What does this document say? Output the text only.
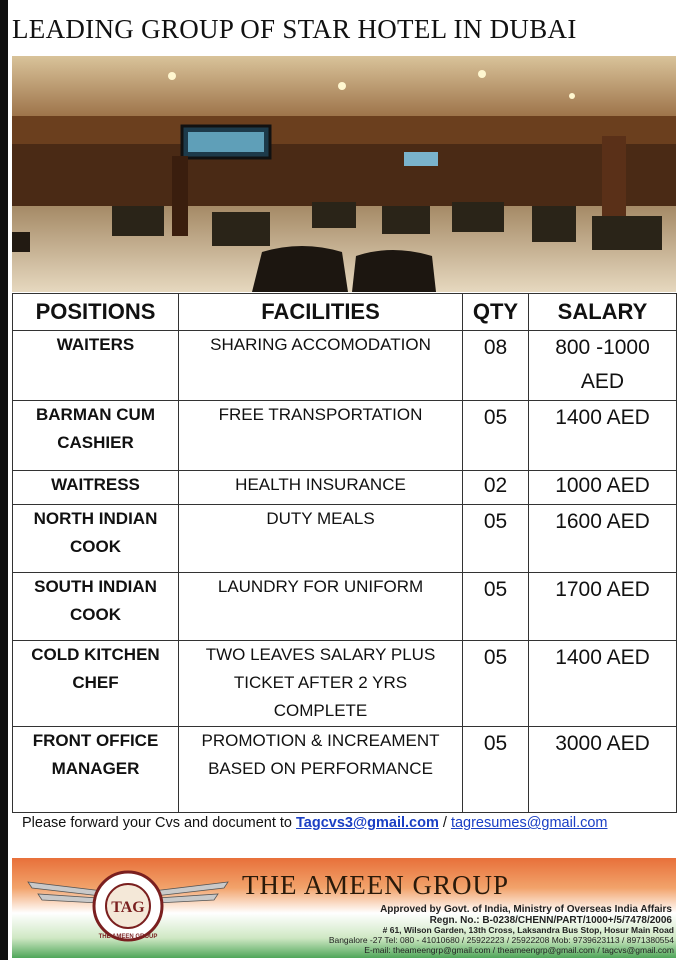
LEADING GROUP OF STAR HOTEL IN DUBAI
POSITIONS	FACILITIES	QTY	SALARY
WAITERS	SHARING ACCOMODATION	08	800 -1000 AED
BARMAN CUM CASHIER	FREE TRANSPORTATION	05	1400 AED
WAITRESS	HEALTH INSURANCE	02	1000 AED
NORTH INDIAN COOK	DUTY MEALS	05	1600 AED
SOUTH INDIAN COOK	LAUNDRY FOR UNIFORM	05	1700 AED
COLD KITCHEN CHEF	TWO LEAVES SALARY PLUS TICKET AFTER 2 YRS COMPLETE	05	1400 AED
FRONT OFFICE MANAGER	PROMOTION & INCREAMENT BASED ON PERFORMANCE	05	3000 AED
Please forward your Cvs and document to Tagcvs3@gmail.com / tagresumes@gmail.com
TAG
THE AMEEN GROUP
THE AMEEN GROUP
Approved by Govt. of India, Ministry of Overseas India Affairs
Regn. No.: B-0238/CHENN/PART/1000+/5/7478/2006
# 61, Wilson Garden, 13th Cross, Laksandra Bus Stop, Hosur Main Road
Bangalore -27 Tel: 080 - 41010680 / 25922223 / 25922208 Mob: 9739623113 / 8971380554
E-mail: theameengrp@gmail.com / theameengrp@gmail.com / tagcvs@gmail.com
